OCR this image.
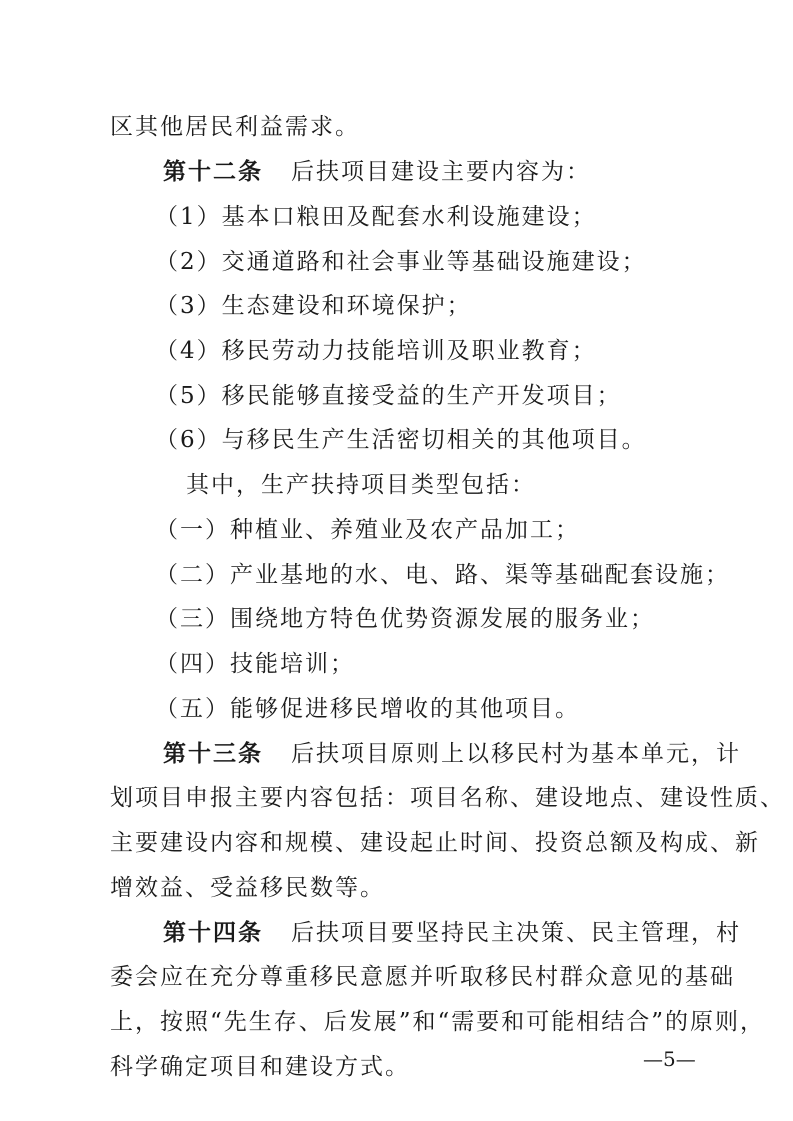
区其他居民利益需求。
第十二条 后扶项目建设主要内容为：
（1）基本口粮田及配套水利设施建设；
（2）交通道路和社会事业等基础设施建设；
（3）生态建设和环境保护；
（4）移民劳动力技能培训及职业教育；
（5）移民能够直接受益的生产开发项目；
（6）与移民生产生活密切相关的其他项目。
其中，生产扶持项目类型包括：
（一）种植业、养殖业及农产品加工；
（二）产业基地的水、电、路、渠等基础配套设施；
（三）围绕地方特色优势资源发展的服务业；
（四）技能培训；
（五）能够促进移民增收的其他项目。
第十三条 后扶项目原则上以移民村为基本单元，计
划项目申报主要内容包括：项目名称、建设地点、建设性质、
主要建设内容和规模、建设起止时间、投资总额及构成、新
增效益、受益移民数等。
第十四条 后扶项目要坚持民主决策、民主管理，村
委会应在充分尊重移民意愿并听取移民村群众意见的基础
上，按照“先生存、后发展”和“需要和可能相结合”的原则，
科学确定项目和建设方式。	—5—
